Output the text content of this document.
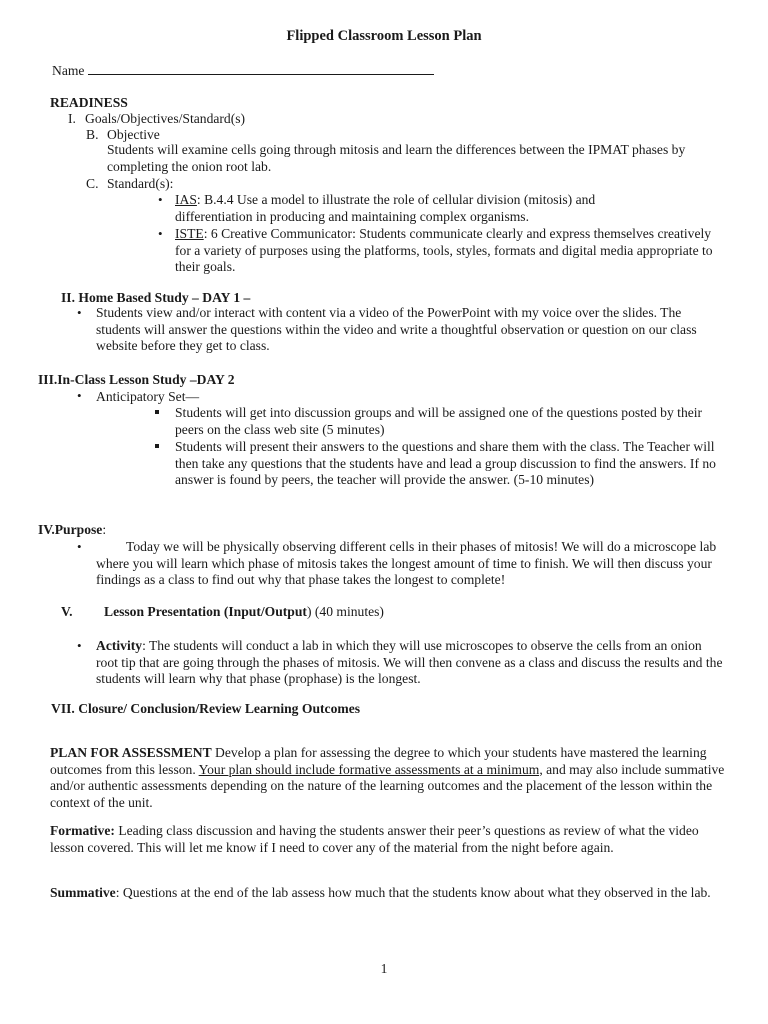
Flipped Classroom Lesson Plan
Name
READINESS
I. Goals/Objectives/Standard(s)
B. Objective
Students will examine cells going through mitosis and learn the differences between the IPMAT phases by completing the onion root lab.
C. Standard(s):
• IAS: B.4.4 Use a model to illustrate the role of cellular division (mitosis) and differentiation in producing and maintaining complex organisms.
• ISTE: 6 Creative Communicator: Students communicate clearly and express themselves creatively for a variety of purposes using the platforms, tools, styles, formats and digital media appropriate to their goals.
II. Home Based Study – DAY 1 –
• Students view and/or interact with content via a video of the PowerPoint with my voice over the slides. The students will answer the questions within the video and write a thoughtful observation or question on our class website before they get to class.
III.In-Class Lesson Study –DAY 2
• Anticipatory Set—
Students will get into discussion groups and will be assigned one of the questions posted by their peers on the class web site (5 minutes)
Students will present their answers to the questions and share them with the class. The Teacher will then take any questions that the students have and lead a group discussion to find the answers. If no answer is found by peers, the teacher will provide the answer. (5-10 minutes)
IV.Purpose:
•	Today we will be physically observing different cells in their phases of mitosis! We will do a microscope lab where you will learn which phase of mitosis takes the longest amount of time to finish. We will then discuss your findings as a class to find out why that phase takes the longest to complete!
V. Lesson Presentation (Input/Output) (40 minutes)
• Activity: The students will conduct a lab in which they will use microscopes to observe the cells from an onion root tip that are going through the phases of mitosis. We will then convene as a class and discuss the results and the students will learn why that phase (prophase) is the longest.
VII. Closure/ Conclusion/Review Learning Outcomes
PLAN FOR ASSESSMENT Develop a plan for assessing the degree to which your students have mastered the learning outcomes from this lesson. Your plan should include formative assessments at a minimum, and may also include summative and/or authentic assessments depending on the nature of the learning outcomes and the placement of the lesson within the context of the unit.
Formative: Leading class discussion and having the students answer their peer’s questions as review of what the video lesson covered. This will let me know if I need to cover any of the material from the night before again.
Summative: Questions at the end of the lab assess how much that the students know about what they observed in the lab.
1
